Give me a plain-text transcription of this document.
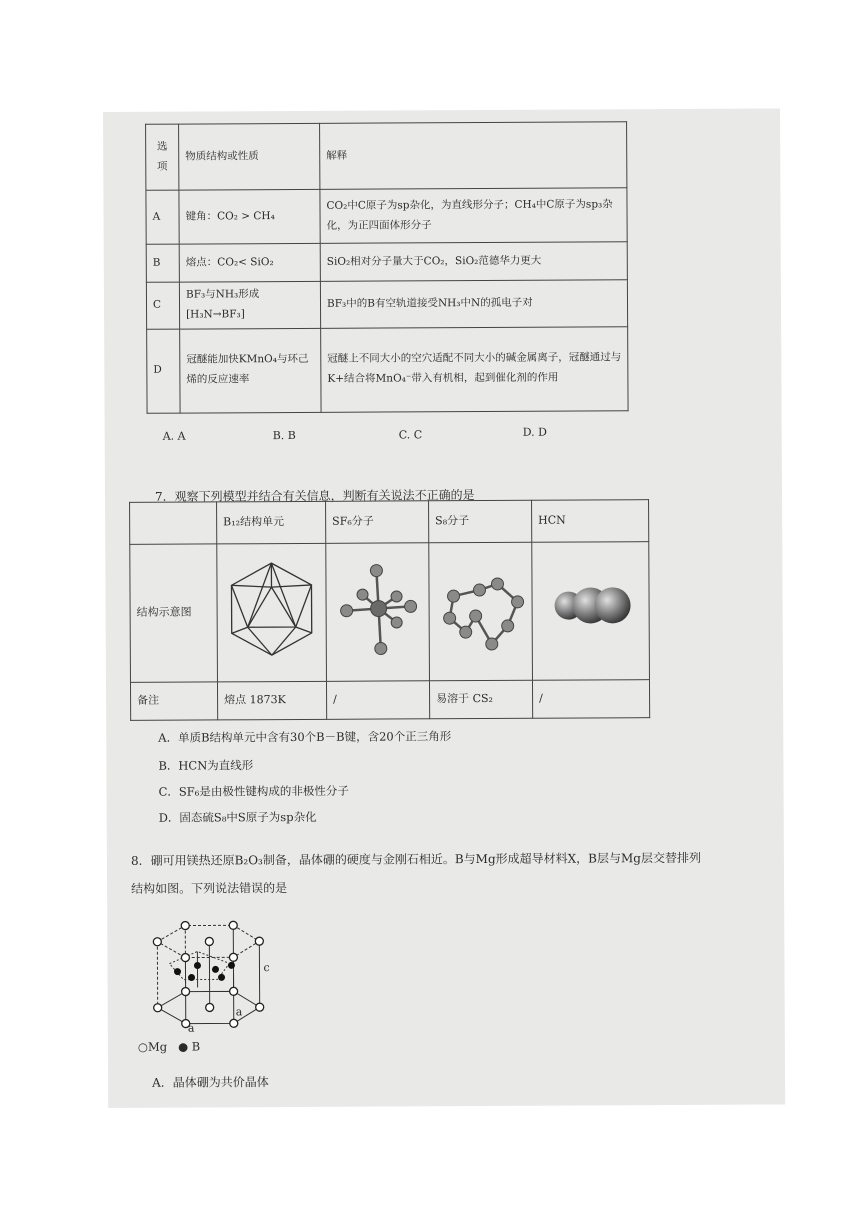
选项	物质结构或性质	解释
A	键角：CO₂ > CH₄	CO₂中C原子为sp杂化，为直线形分子；CH₄中C原子为sp₃杂化，为正四面体形分子
B	熔点：CO₂< SiO₂	SiO₂相对分子量大于CO₂，SiO₂范德华力更大
C	BF₃与NH₃形成[H₃N→BF₃]	BF₃中的B有空轨道接受NH₃中N的孤电子对
D	冠醚能加快KMnO₄与环己烯的反应速率	冠醚上不同大小的空穴适配不同大小的碱金属离子，冠醚通过与K+结合将MnO₄⁻带入有机相，起到催化剂的作用
A. A	B. B	C. C	D. D
7．观察下列模型并结合有关信息，判断有关说法不正确的是
	B₁₂结构单元	SF₆分子	S₈分子	HCN
结构示意图				
备注	熔点 1873K	/	易溶于 CS₂	/
A．单质B结构单元中含有30个B－B键，含20个正三角形
B．HCN为直线形
C．SF₆是由极性键构成的非极性分子
D．固态硫S₈中S原子为sp杂化
8．硼可用镁热还原B₂O₃制备，晶体硼的硬度与金刚石相近。B与Mg形成超导材料X，B层与Mg层交替排列
结构如图。下列说法错误的是
a
a
c
○Mg ● B
A．晶体硼为共价晶体
